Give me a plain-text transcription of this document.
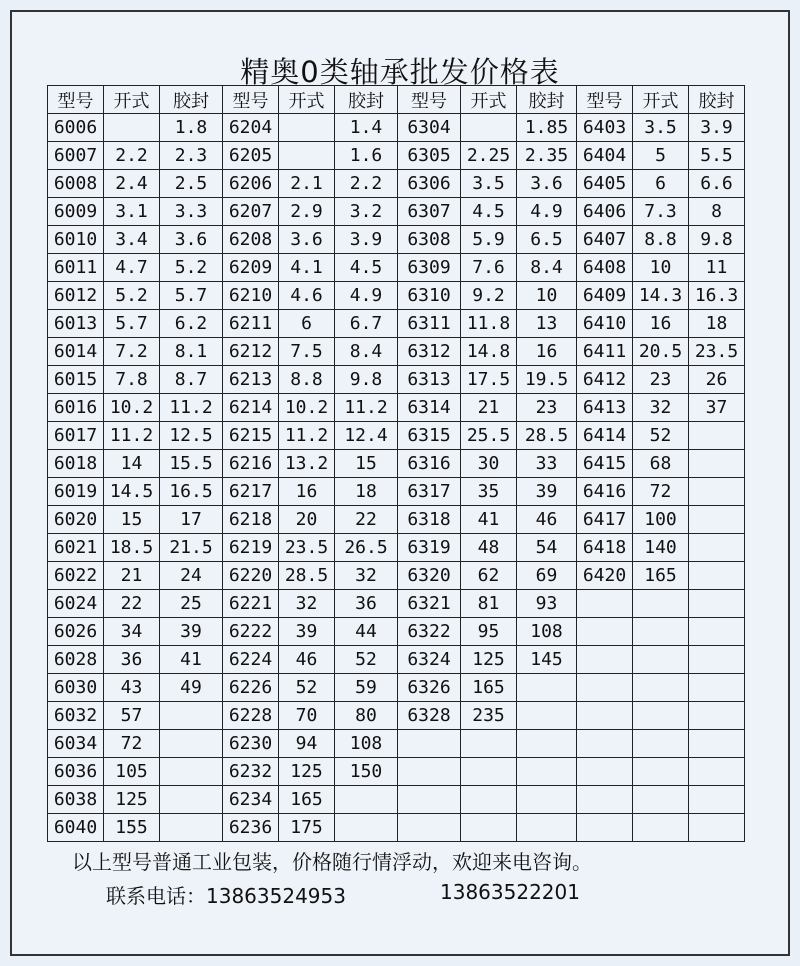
精奥0类轴承批发价格表
型号	开式	胶封	型号	开式	胶封	型号	开式	胶封	型号	开式	胶封
6006		1.8	6204		1.4	6304		1.85	6403	3.5	3.9
6007	2.2	2.3	6205		1.6	6305	2.25	2.35	6404	5	5.5
6008	2.4	2.5	6206	2.1	2.2	6306	3.5	3.6	6405	6	6.6
6009	3.1	3.3	6207	2.9	3.2	6307	4.5	4.9	6406	7.3	8
6010	3.4	3.6	6208	3.6	3.9	6308	5.9	6.5	6407	8.8	9.8
6011	4.7	5.2	6209	4.1	4.5	6309	7.6	8.4	6408	10	11
6012	5.2	5.7	6210	4.6	4.9	6310	9.2	10	6409	14.3	16.3
6013	5.7	6.2	6211	6	6.7	6311	11.8	13	6410	16	18
6014	7.2	8.1	6212	7.5	8.4	6312	14.8	16	6411	20.5	23.5
6015	7.8	8.7	6213	8.8	9.8	6313	17.5	19.5	6412	23	26
6016	10.2	11.2	6214	10.2	11.2	6314	21	23	6413	32	37
6017	11.2	12.5	6215	11.2	12.4	6315	25.5	28.5	6414	52	
6018	14	15.5	6216	13.2	15	6316	30	33	6415	68	
6019	14.5	16.5	6217	16	18	6317	35	39	6416	72	
6020	15	17	6218	20	22	6318	41	46	6417	100	
6021	18.5	21.5	6219	23.5	26.5	6319	48	54	6418	140	
6022	21	24	6220	28.5	32	6320	62	69	6420	165	
6024	22	25	6221	32	36	6321	81	93			
6026	34	39	6222	39	44	6322	95	108			
6028	36	41	6224	46	52	6324	125	145			
6030	43	49	6226	52	59	6326	165				
6032	57		6228	70	80	6328	235				
6034	72		6230	94	108						
6036	105		6232	125	150						
6038	125		6234	165							
6040	155		6236	175							
以上型号普通工业包装，价格随行情浮动，欢迎来电咨询。
联系电话：13863524953	13863522201
